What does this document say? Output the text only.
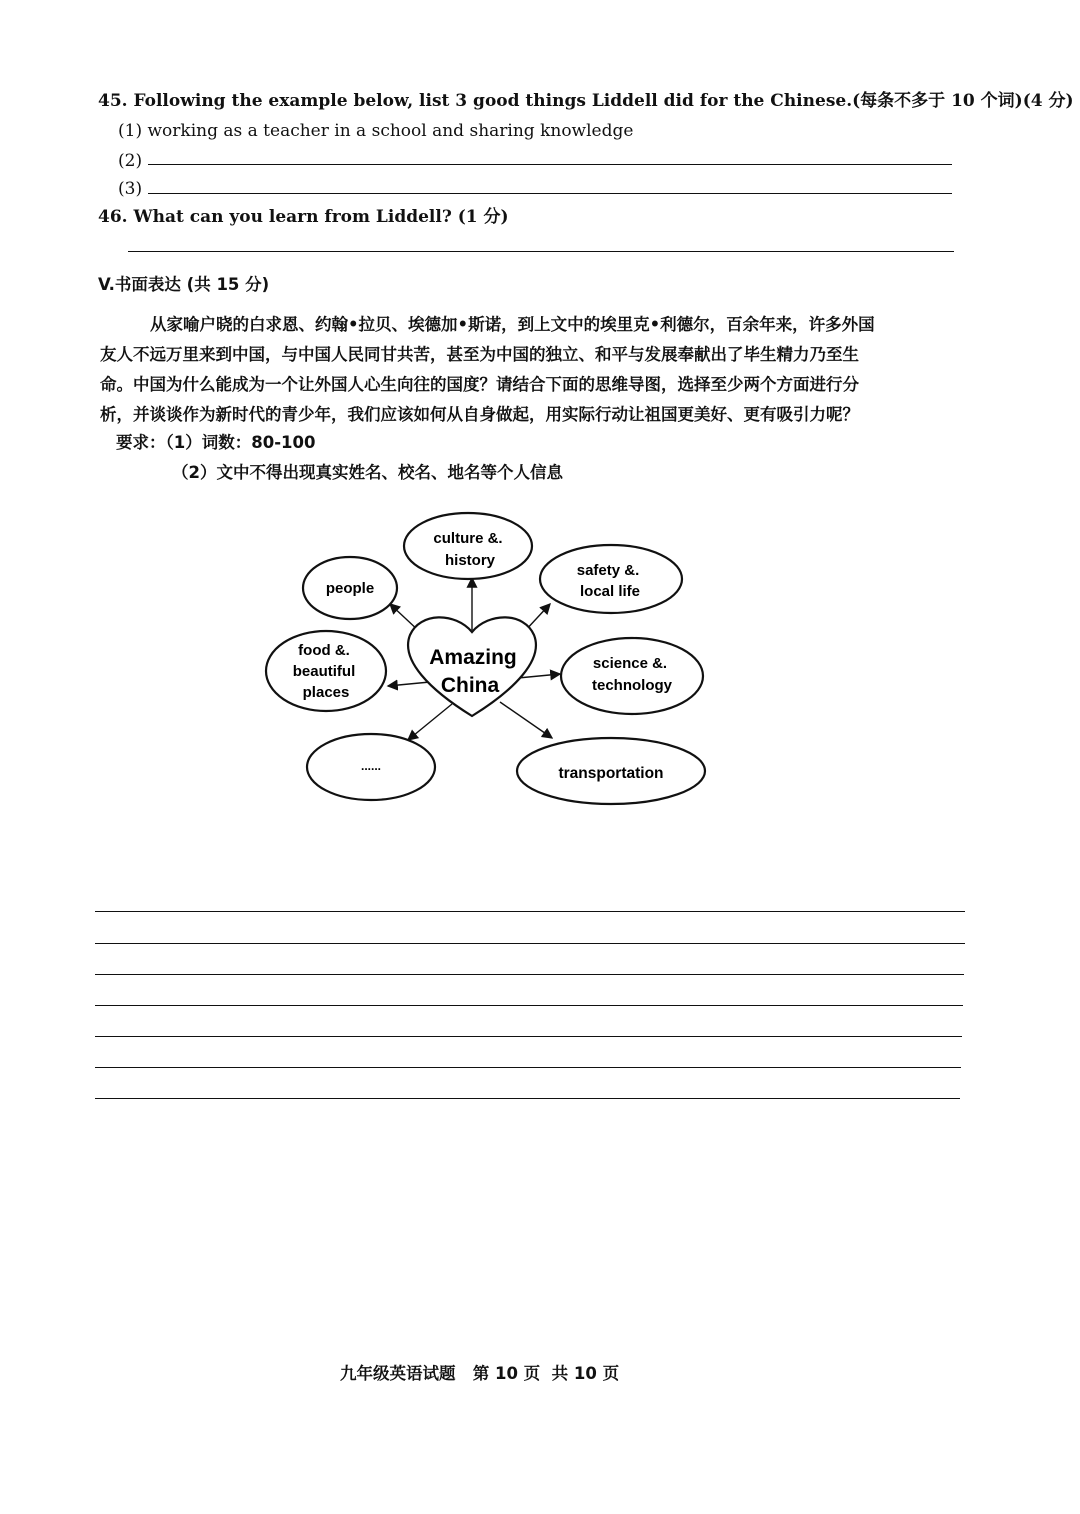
45. Following the example below, list 3 good things Liddell did for the Chinese.(每条不多于 10 个词)(4 分)
(1) working as a teacher in a school and sharing knowledge
(2)
(3)
46. What can you learn from Liddell? (1 分)
V.书面表达 (共 15 分)
从家喻户晓的白求恩、约翰•拉贝、埃德加•斯诺，到上文中的埃里克•利德尔，百余年来，许多外国
友人不远万里来到中国，与中国人民同甘共苦，甚至为中国的独立、和平与发展奉献出了毕生精力乃至生
命。中国为什么能成为一个让外国人心生向往的国度？请结合下面的思维导图，选择至少两个方面进行分
析，并谈谈作为新时代的青少年，我们应该如何从自身做起，用实际行动让祖国更美好、更有吸引力呢？
要求：（1）词数：80-100
（2）文中不得出现真实姓名、校名、地名等个人信息
Amazing
China
culture &.
history
people
safety &.
local life
food &.
beautiful
places
science &.
technology
......	transportation
九年级英语试题   第 10 页  共 10 页
